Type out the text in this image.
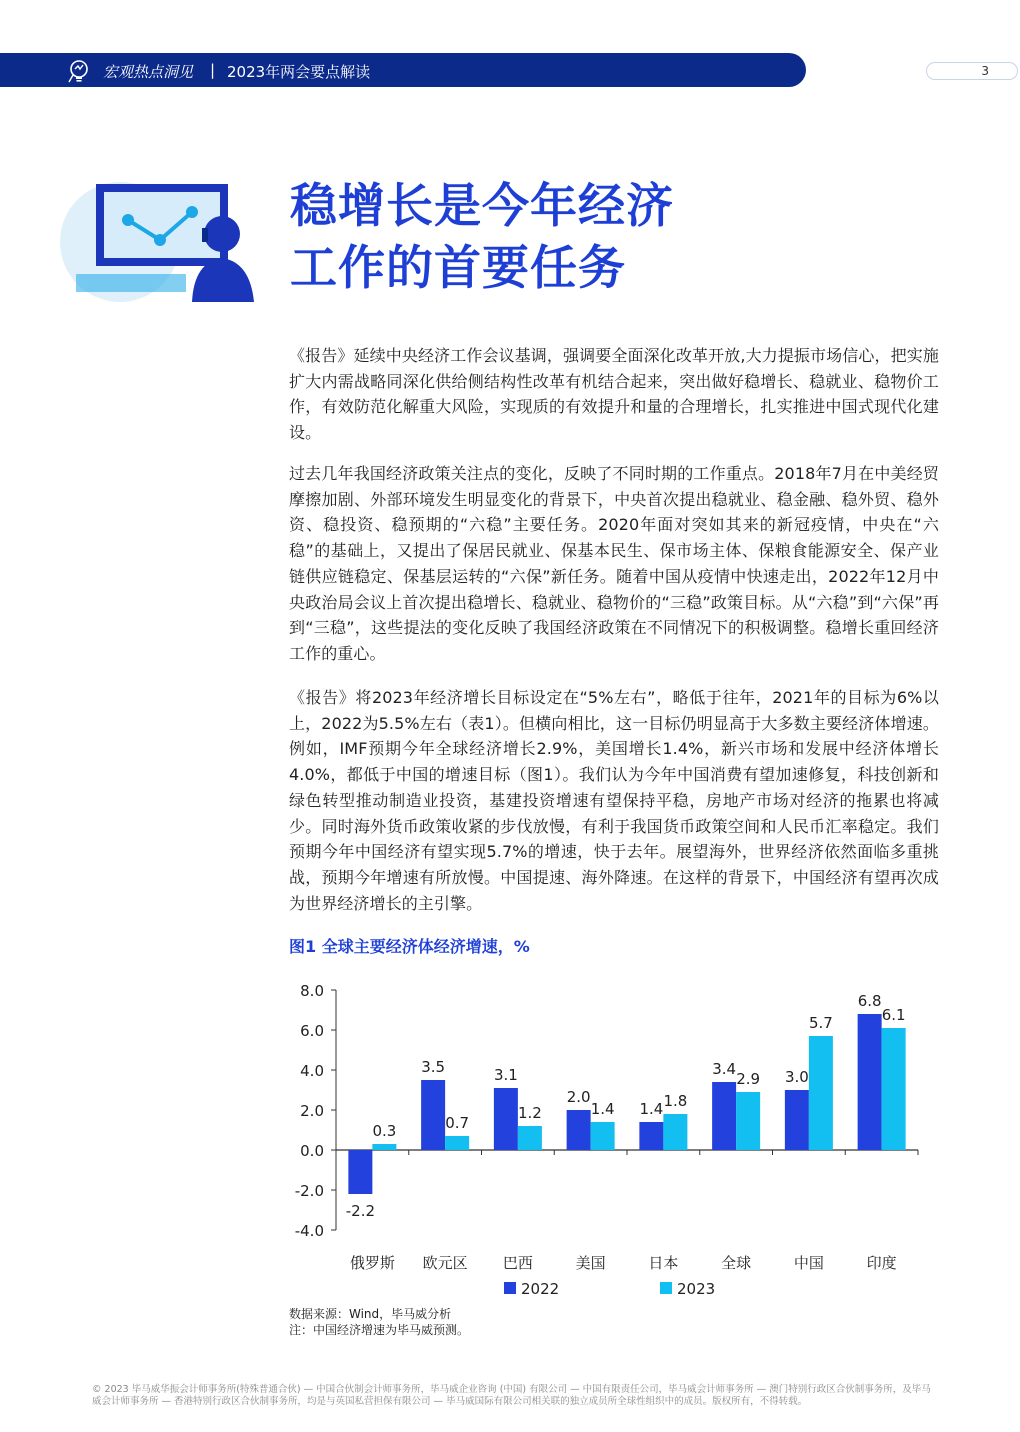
宏观热点洞见 | 2023年两会要点解读	3
稳增长是今年经济
工作的首要任务

《报告》延续中央经济工作会议基调，强调要全面深化改革开放,大力提振市场信心，把实施扩大内需战略同深化供给侧结构性改革有机结合起来，突出做好稳增长、稳就业、稳物价工作，有效防范化解重大风险，实现质的有效提升和量的合理增长，扎实推进中国式现代化建设。

过去几年我国经济政策关注点的变化，反映了不同时期的工作重点。2018年7月在中美经贸摩擦加剧、外部环境发生明显变化的背景下，中央首次提出稳就业、稳金融、稳外贸、稳外资、稳投资、稳预期的“六稳”主要任务。2020年面对突如其来的新冠疫情，中央在“六稳”的基础上，又提出了保居民就业、保基本民生、保市场主体、保粮食能源安全、保产业链供应链稳定、保基层运转的“六保”新任务。随着中国从疫情中快速走出，2022年12月中央政治局会议上首次提出稳增长、稳就业、稳物价的“三稳”政策目标。从“六稳”到“六保”再到“三稳”，这些提法的变化反映了我国经济政策在不同情况下的积极调整。稳增长重回经济工作的重心。

《报告》将2023年经济增长目标设定在“5%左右”，略低于往年，2021年的目标为6%以上，2022为5.5%左右（表1）。但横向相比，这一目标仍明显高于大多数主要经济体增速。例如，IMF预期今年全球经济增长2.9%，美国增长1.4%，新兴市场和发展中经济体增长4.0%，都低于中国的增速目标（图1）。我们认为今年中国消费有望加速修复，科技创新和绿色转型推动制造业投资，基建投资增速有望保持平稳，房地产市场对经济的拖累也将减少。同时海外货币政策收紧的步伐放慢，有利于我国货币政策空间和人民币汇率稳定。我们预期今年中国经济有望实现5.7%的增速，快于去年。展望海外，世界经济依然面临多重挑战，预期今年增速有所放慢。中国提速、海外降速。在这样的背景下，中国经济有望再次成为世界经济增长的主引擎。

图1 全球主要经济体经济增速，%
8.0
6.0
4.0
2.0
0.0
-2.0
-4.0
-2.2
0.3
俄罗斯
3.5
0.7
欧元区
3.1
1.2
巴西
2.0
1.4
美国
1.4 1.8
日本
3.4
2.9
全球
3.0
5.7
中国
6.8
6.1
印度
2022	2023
数据来源：Wind，毕马威分析
注：中国经济增速为毕马威预测。
© 2023 毕马威华振会计师事务所(特殊普通合伙) — 中国合伙制会计师事务所，毕马威企业咨询 (中国) 有限公司 — 中国有限责任公司，毕马威会计师事务所 — 澳门特别行政区合伙制事务所，及毕马威会计师事务所 — 香港特别行政区合伙制事务所，均是与英国私营担保有限公司 — 毕马威国际有限公司相关联的独立成员所全球性组织中的成员。版权所有，不得转载。
